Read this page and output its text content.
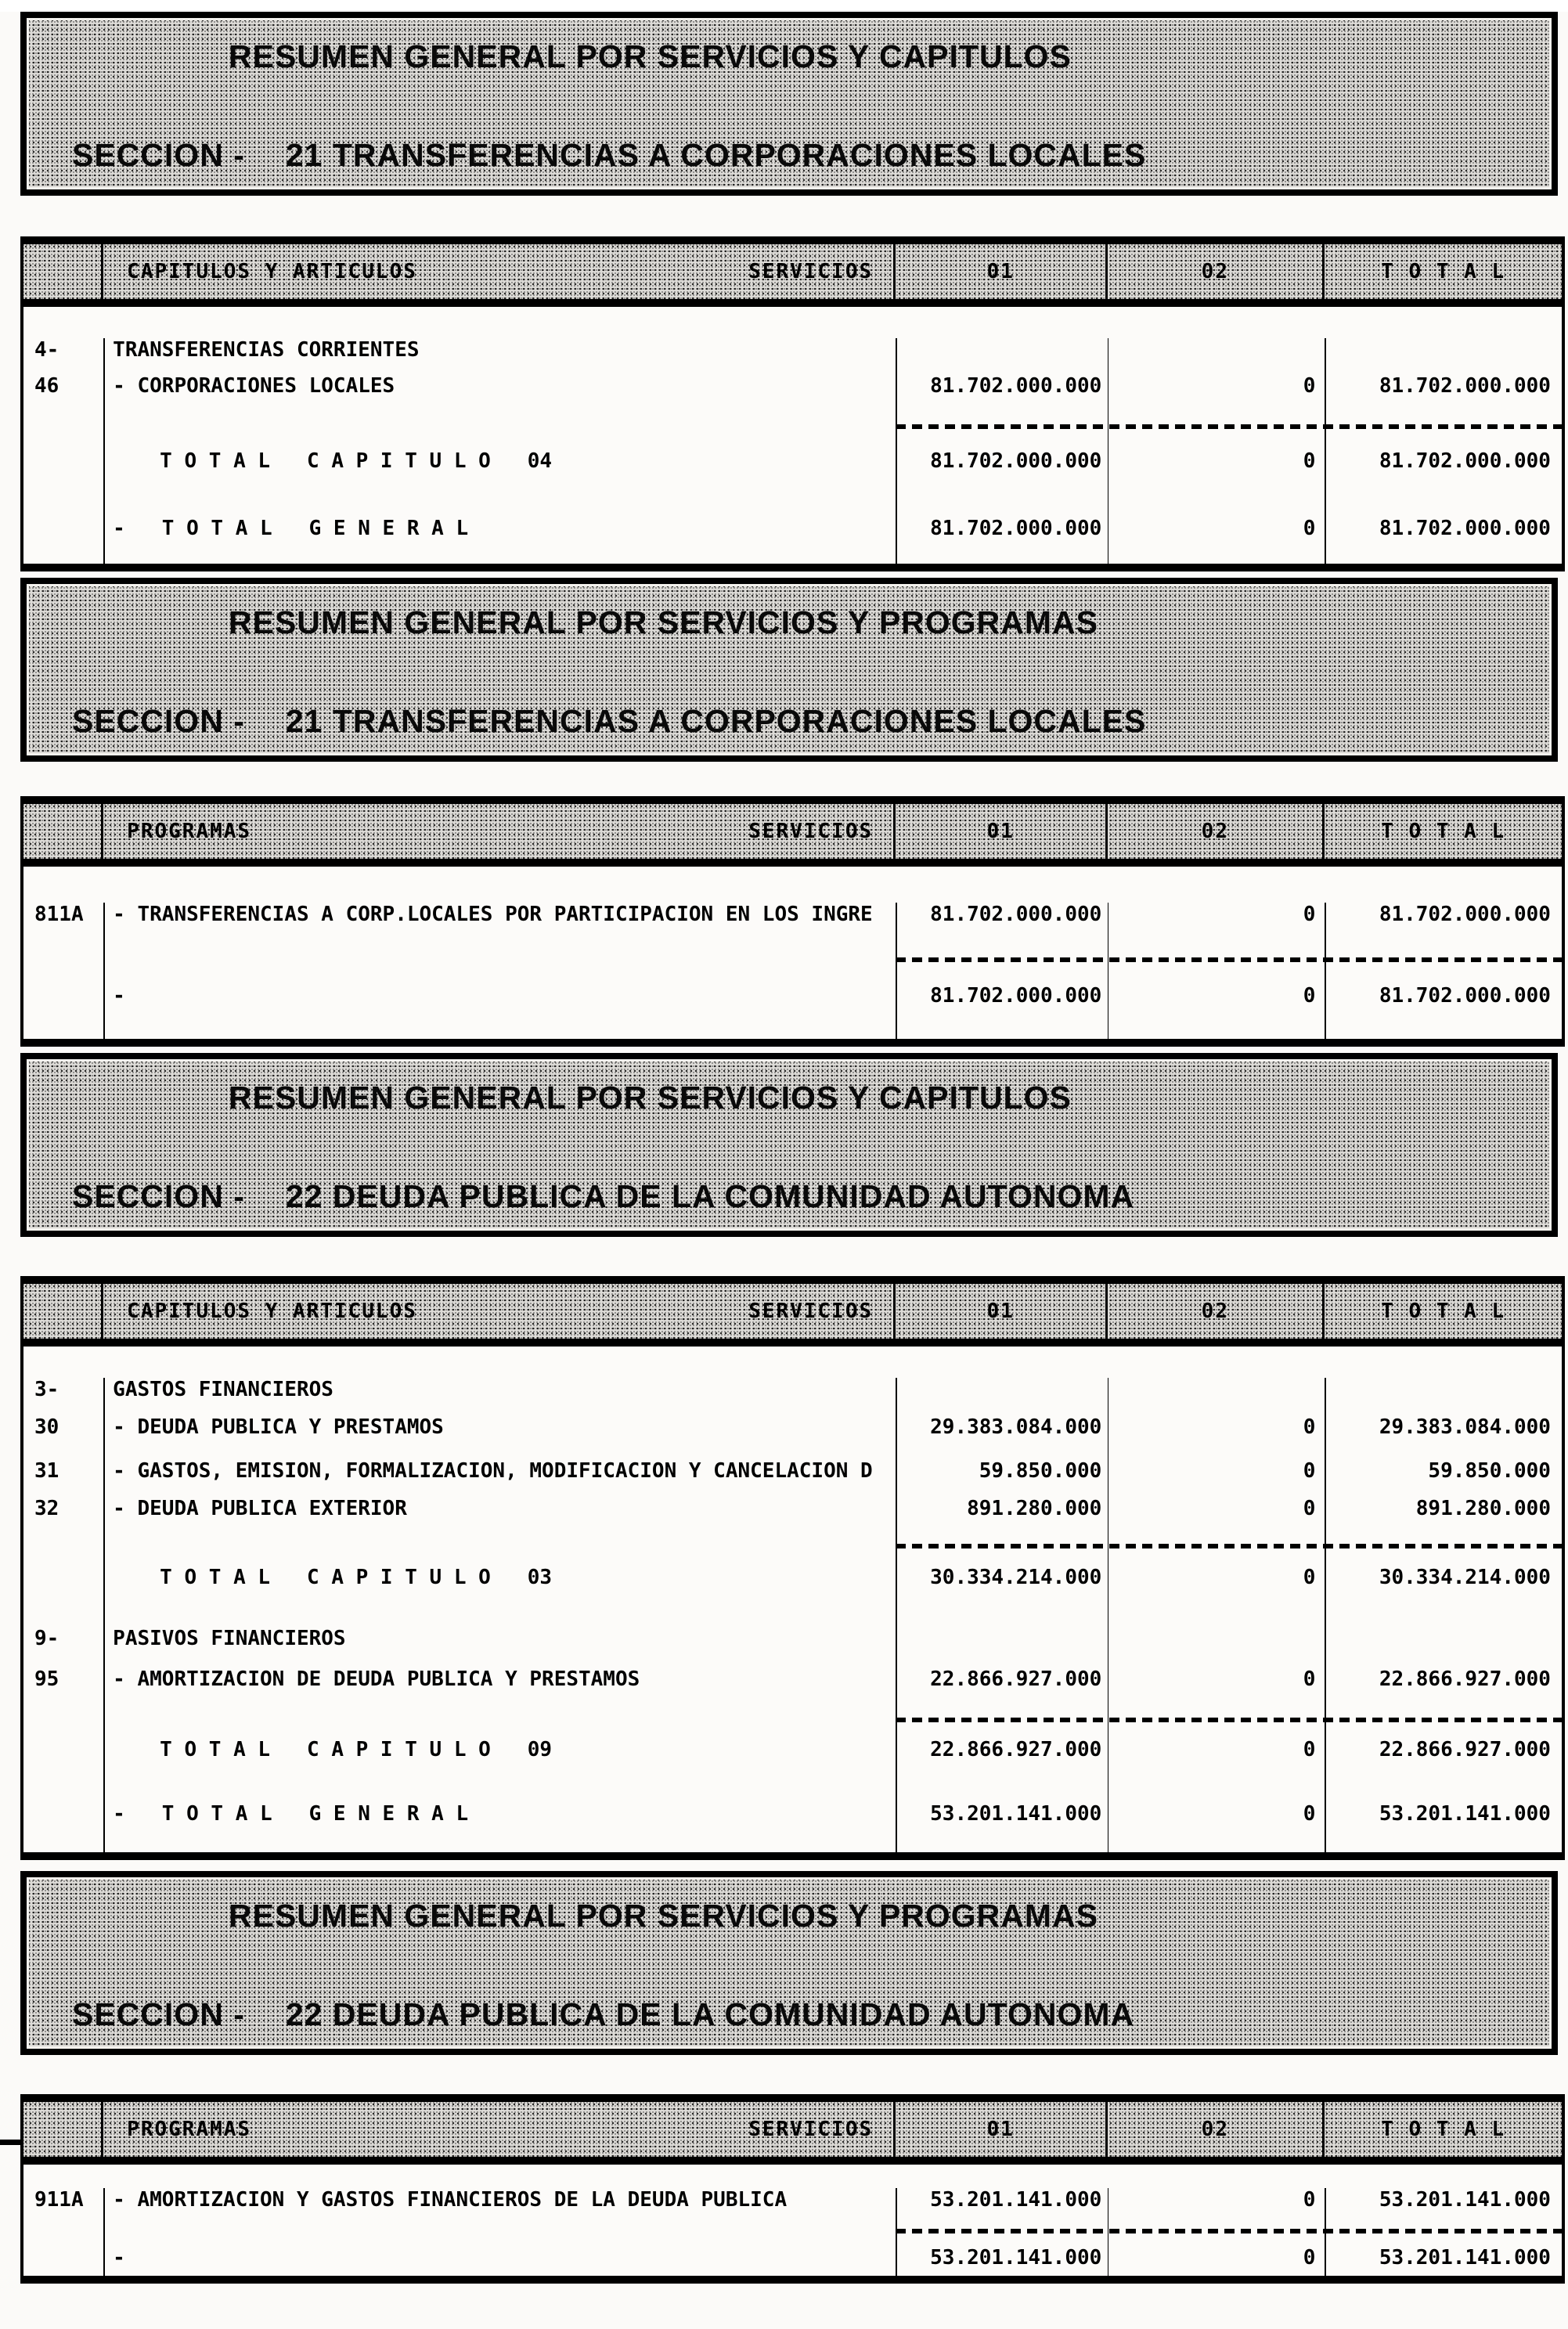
RESUMEN GENERAL POR SERVICIOS Y CAPITULOS
SECCION - 21 TRANSFERENCIAS A CORPORACIONES LOCALES
CAPITULOS Y ARTICULOS	SERVICIOS	01	02	T O T A L
4-	TRANSFERENCIAS CORRIENTES
46	- CORPORACIONES LOCALES	81.702.000.000	0	81.702.000.000
T O T A L   C A P I T U L O   04	81.702.000.000	0	81.702.000.000
-   T O T A L   G E N E R A L	81.702.000.000	0	81.702.000.000
RESUMEN GENERAL POR SERVICIOS Y PROGRAMAS
SECCION - 21 TRANSFERENCIAS A CORPORACIONES LOCALES
PROGRAMAS	SERVICIOS	01	02	T O T A L
811A	- TRANSFERENCIAS A CORP.LOCALES POR PARTICIPACION EN LOS INGRE	81.702.000.000	0	81.702.000.000
-	81.702.000.000	0	81.702.000.000
RESUMEN GENERAL POR SERVICIOS Y CAPITULOS
SECCION - 22 DEUDA PUBLICA DE LA COMUNIDAD AUTONOMA
CAPITULOS Y ARTICULOS	SERVICIOS	01	02	T O T A L
3-	GASTOS FINANCIEROS
30	- DEUDA PUBLICA Y PRESTAMOS	29.383.084.000	0	29.383.084.000
31	- GASTOS, EMISION, FORMALIZACION, MODIFICACION Y CANCELACION D	59.850.000	0	59.850.000
32	- DEUDA PUBLICA EXTERIOR	891.280.000	0	891.280.000
T O T A L   C A P I T U L O   03	30.334.214.000	0	30.334.214.000
9-	PASIVOS FINANCIEROS
95	- AMORTIZACION DE DEUDA PUBLICA Y PRESTAMOS	22.866.927.000	0	22.866.927.000
T O T A L   C A P I T U L O   09	22.866.927.000	0	22.866.927.000
-   T O T A L   G E N E R A L	53.201.141.000	0	53.201.141.000
RESUMEN GENERAL POR SERVICIOS Y PROGRAMAS
SECCION - 22 DEUDA PUBLICA DE LA COMUNIDAD AUTONOMA
PROGRAMAS	SERVICIOS	01	02	T O T A L
911A	- AMORTIZACION Y GASTOS FINANCIEROS DE LA DEUDA PUBLICA	53.201.141.000	0	53.201.141.000
-	53.201.141.000	0	53.201.141.000
